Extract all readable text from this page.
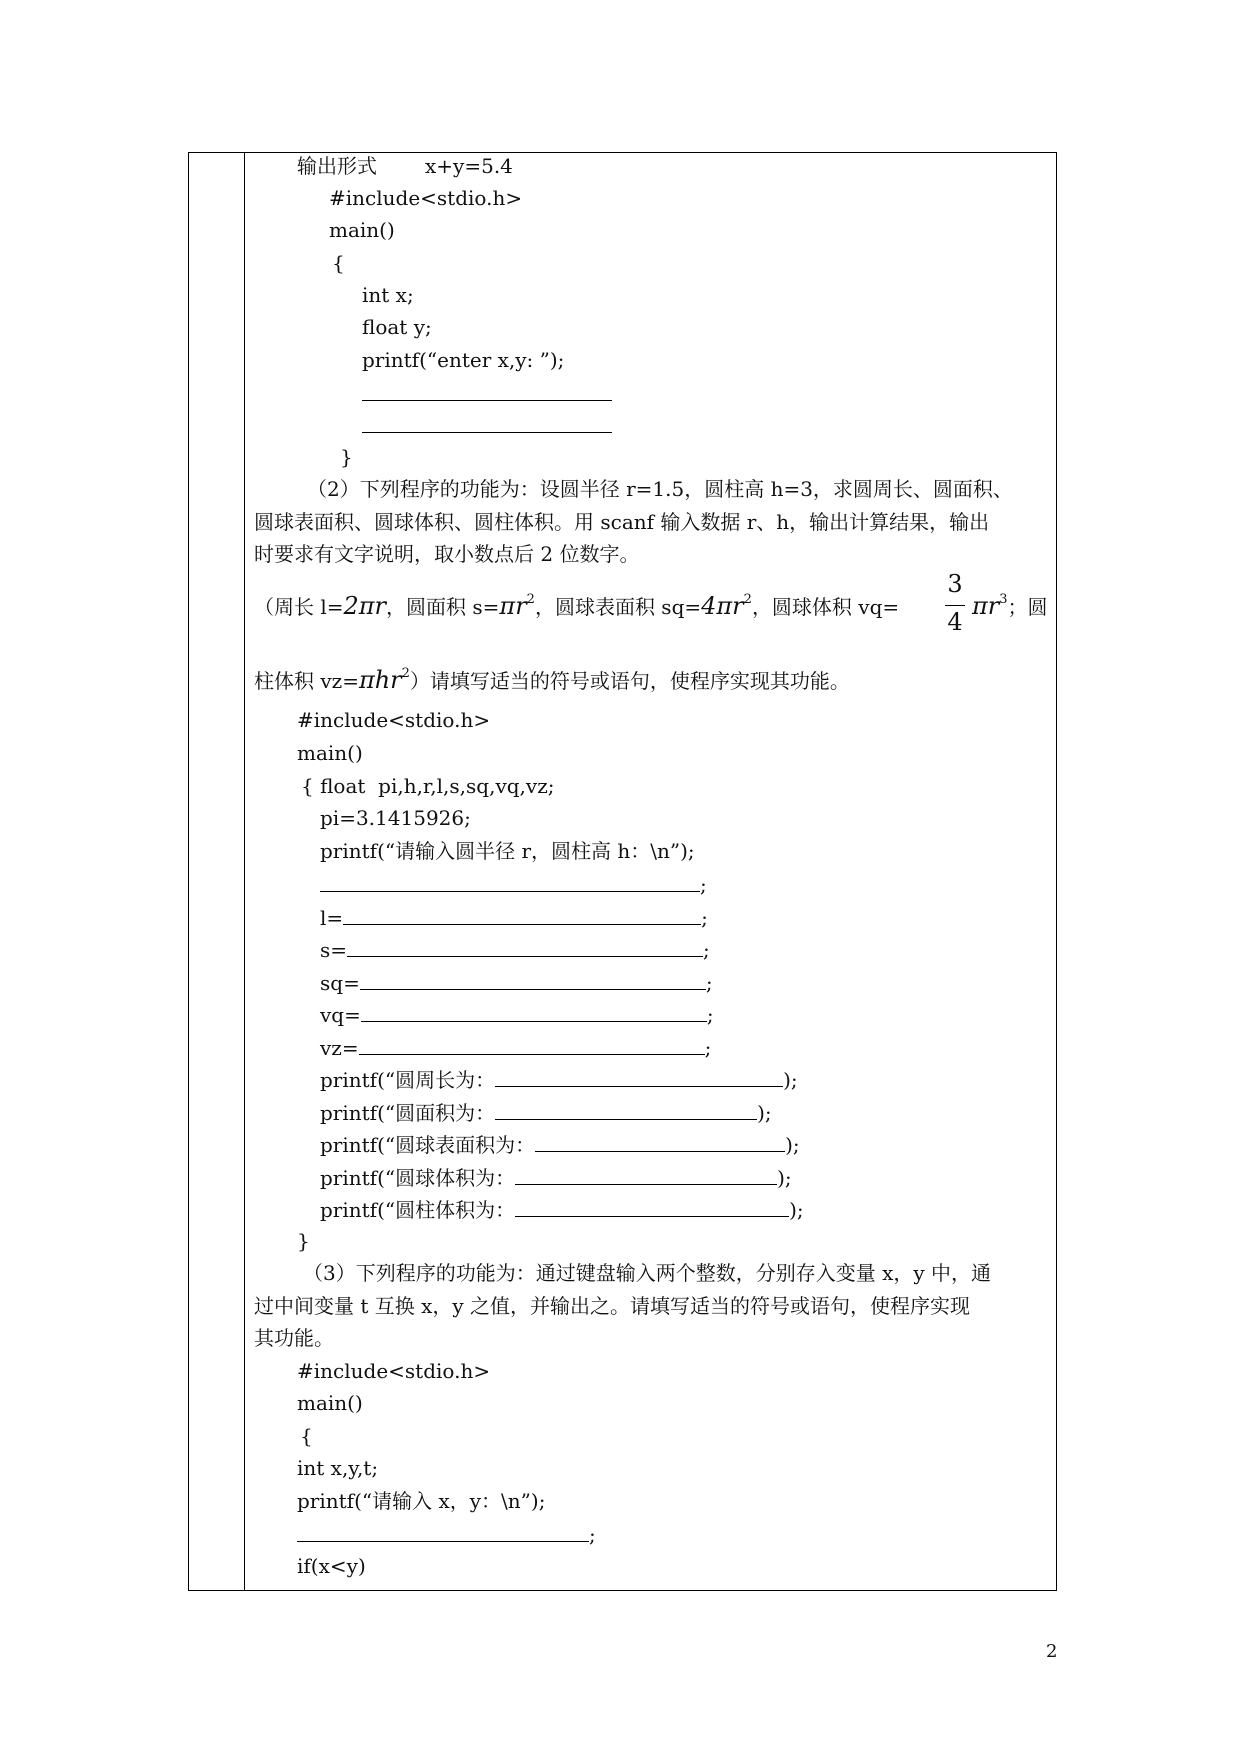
输出形式 x+y=5.4
#include<stdio.h>
main()
{
int x;
float y;
printf(“enter x,y: ”);
}
（2）下列程序的功能为：设圆半径 r=1.5，圆柱高 h=3，求圆周长、圆面积、
圆球表面积、圆球体积、圆柱体积。用 scanf 输入数据 r、h，输出计算结果，输出
时要求有文字说明，取小数点后 2 位数字。
（周长 l=2πr，圆面积 $s=\pi r^2$，圆球表面积 $sq=4\pi r^2$，圆球体积 vq=
3
4
$\pi r^3$；圆
柱体积 vz=πhr$^2$）请填写适当的符号或语句，使程序实现其功能。
#include<stdio.h>
main()
{ float  pi,h,r,l,s,sq,vq,vz;
pi=3.1415926;
printf(“请输入圆半径 r，圆柱高 h：\n”);
;
l=	;
s=	;
sq=	;
vq=	;
vz=	;
printf(“圆周长为：	);
printf(“圆面积为：	);
printf(“圆球表面积为：	);
printf(“圆球体积为：	);
printf(“圆柱体积为：	);
}
（3）下列程序的功能为：通过键盘输入两个整数，分别存入变量 x，y 中，通
过中间变量 t 互换 x，y 之值，并输出之。请填写适当的符号或语句，使程序实现
其功能。
#include<stdio.h>
main()
{
int x,y,t;
printf(“请输入 x，y：\n”);
;
if(x<y)
2
